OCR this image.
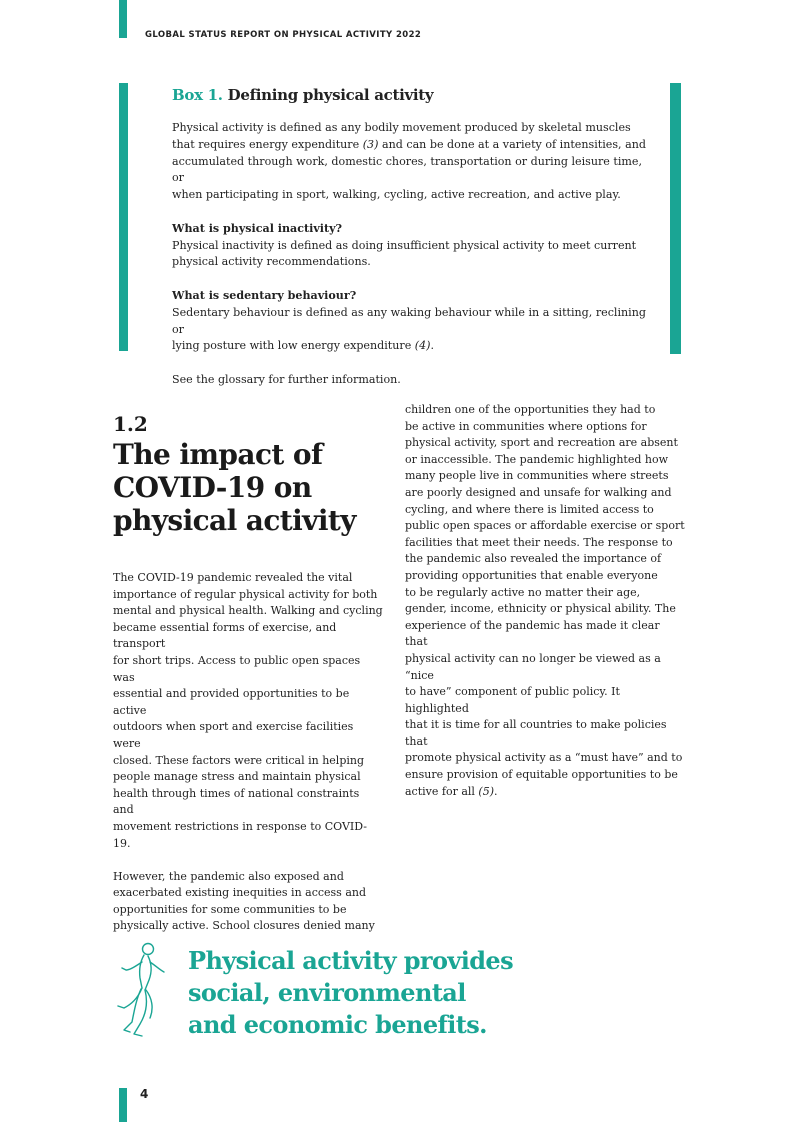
GLOBAL STATUS REPORT ON PHYSICAL ACTIVITY 2022
Box 1. Defining physical activity

Physical activity is defined as any bodily movement produced by skeletal muscles
that requires energy expenditure (3) and can be done at a variety of intensities, and
accumulated through work, domestic chores, transportation or during leisure time, or
when participating in sport, walking, cycling, active recreation, and active play.

What is physical inactivity?
Physical inactivity is defined as doing insufficient physical activity to meet current
physical activity recommendations.

What is sedentary behaviour?
Sedentary behaviour is defined as any waking behaviour while in a sitting, reclining or
lying posture with low energy expenditure (4).

See the glossary for further information.

1.2
The impact of
COVID-19 on
physical activity

The COVID-19 pandemic revealed the vital
importance of regular physical activity for both
mental and physical health. Walking and cycling
became essential forms of exercise, and transport
for short trips. Access to public open spaces was
essential and provided opportunities to be active
outdoors when sport and exercise facilities were
closed. These factors were critical in helping
people manage stress and maintain physical
health through times of national constraints and
movement restrictions in response to COVID-19.

However, the pandemic also exposed and
exacerbated existing inequities in access and
opportunities for some communities to be
physically active. School closures denied many

children one of the opportunities they had to
be active in communities where options for
physical activity, sport and recreation are absent
or inaccessible. The pandemic highlighted how
many people live in communities where streets
are poorly designed and unsafe for walking and
cycling, and where there is limited access to
public open spaces or affordable exercise or sport
facilities that meet their needs. The response to
the pandemic also revealed the importance of
providing opportunities that enable everyone
to be regularly active no matter their age,
gender, income, ethnicity or physical ability. The
experience of the pandemic has made it clear that
physical activity can no longer be viewed as a “nice
to have” component of public policy. It highlighted
that it is time for all countries to make policies that
promote physical activity as a “must have” and to
ensure provision of equitable opportunities to be
active for all (5).

Physical activity provides
social, environmental
and economic benefits.
4
